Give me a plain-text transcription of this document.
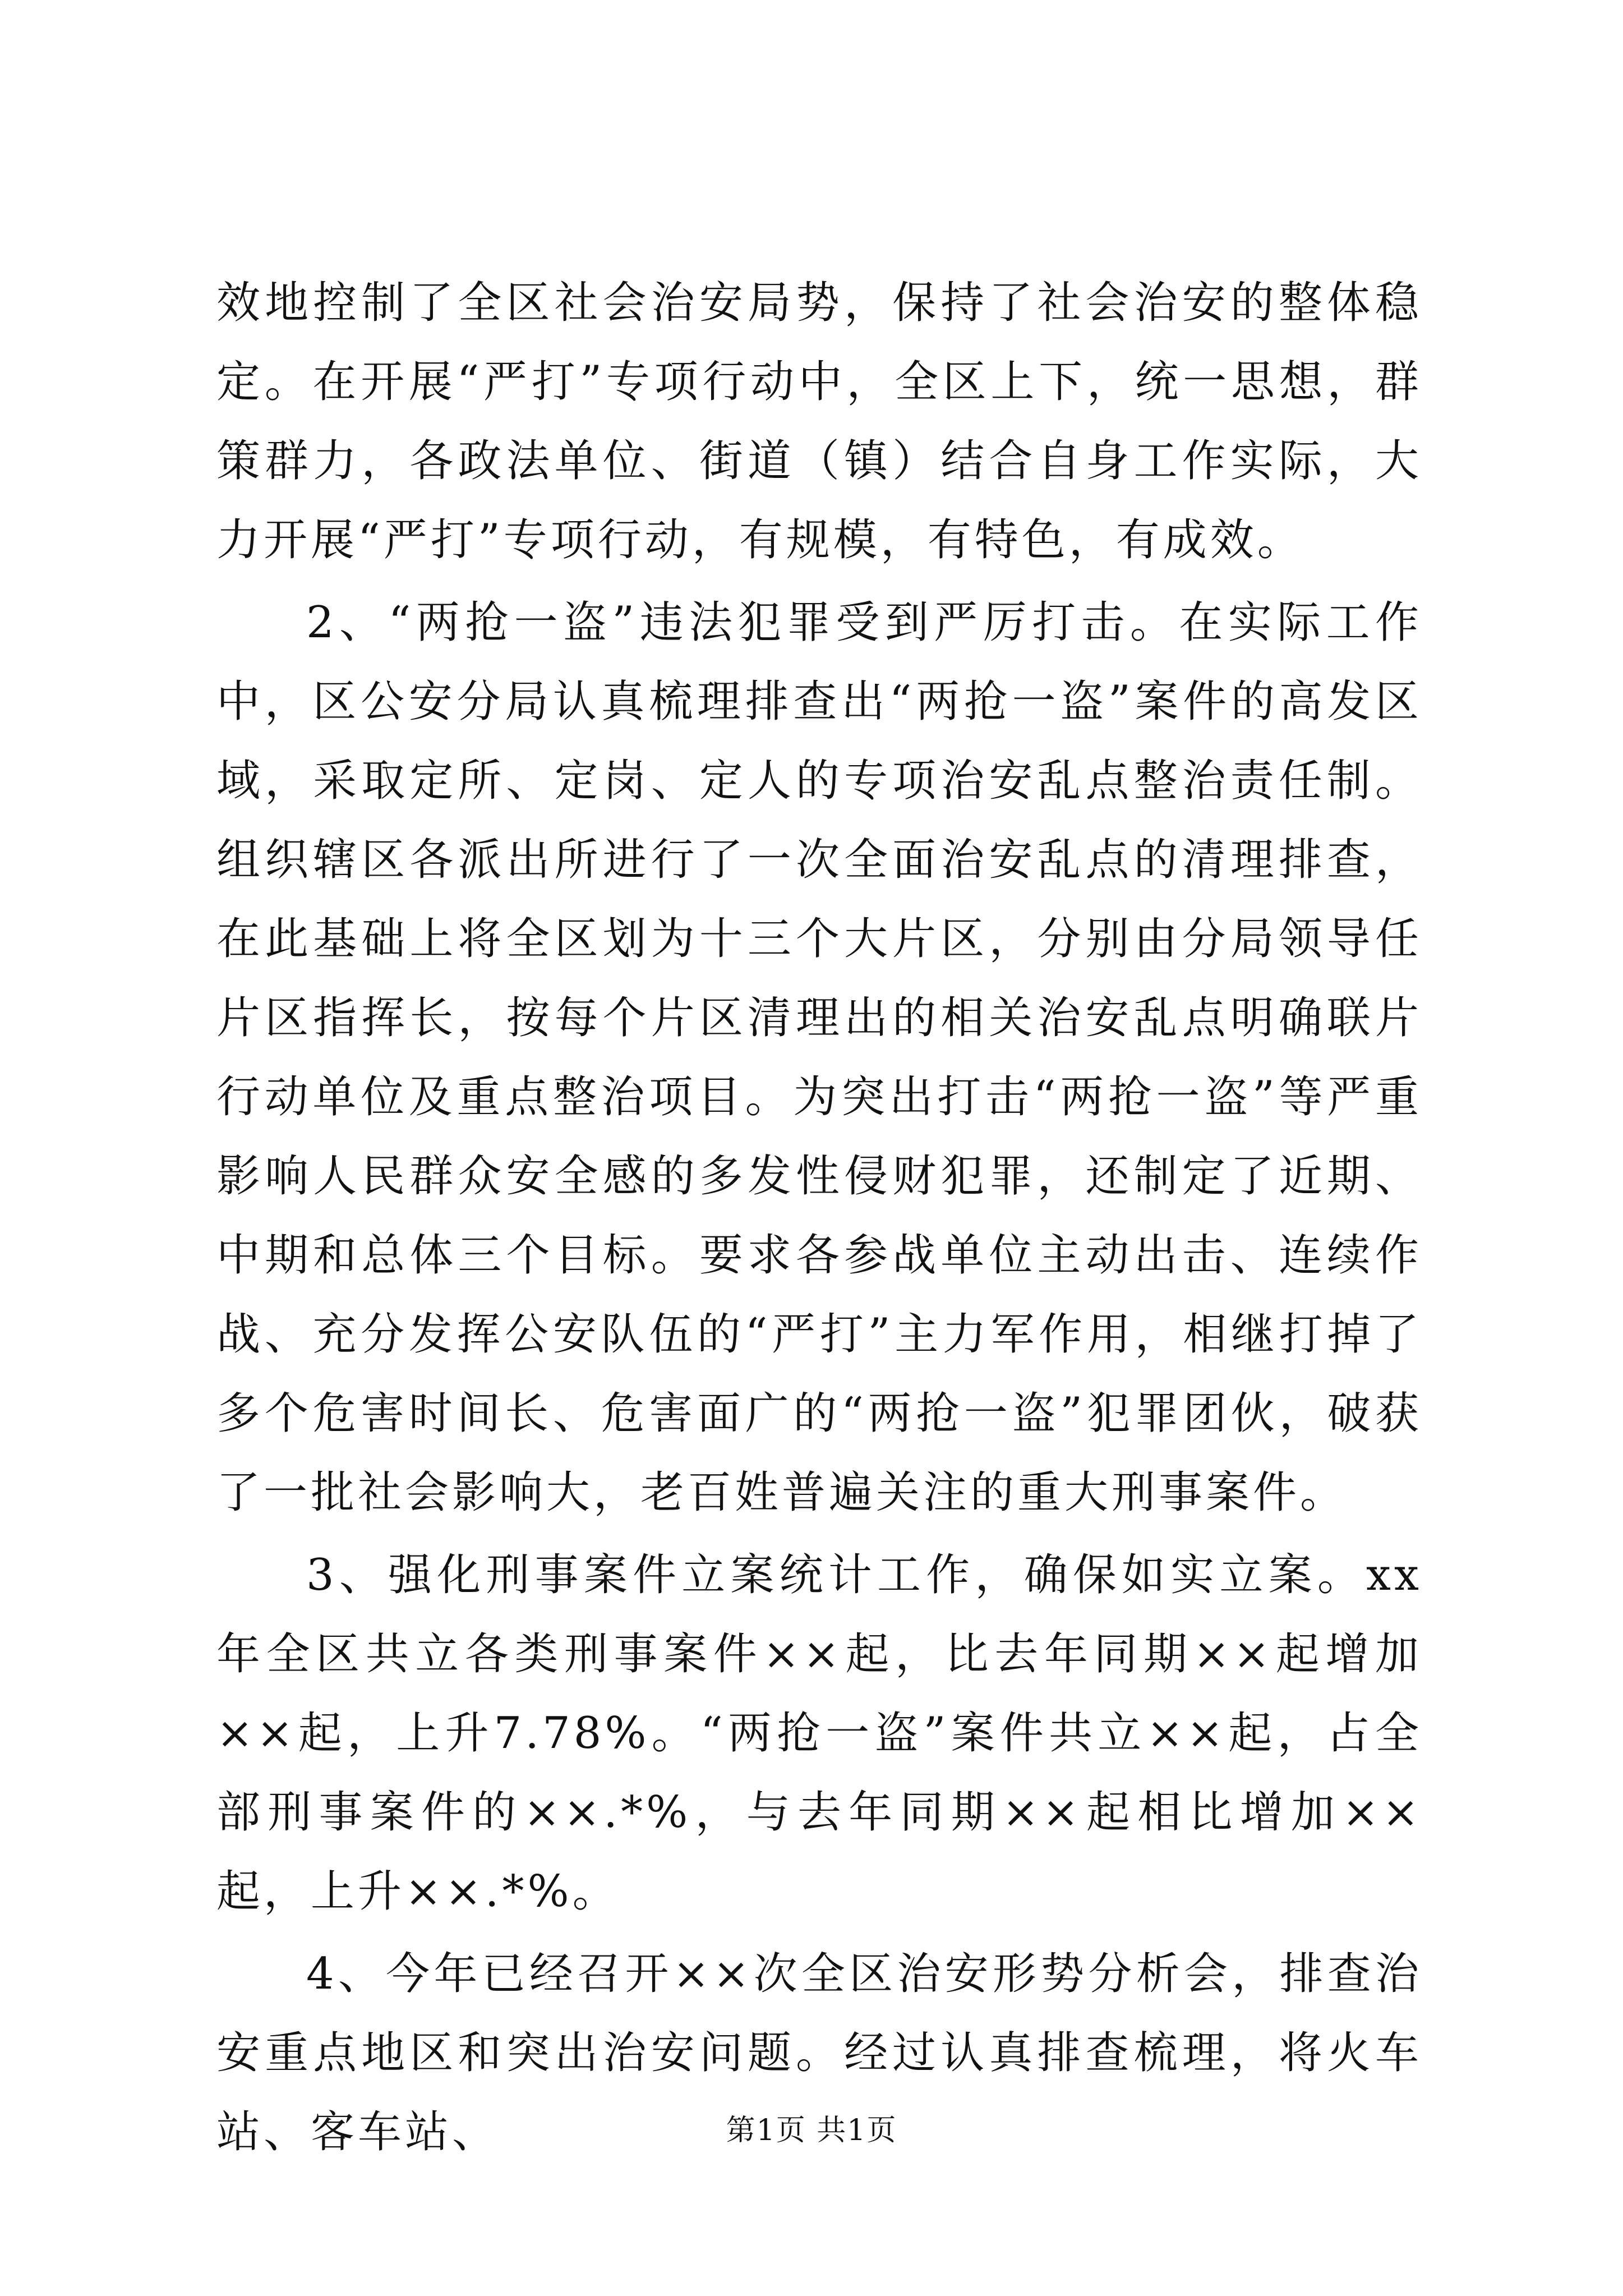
效地控制了全区社会治安局势，保持了社会治安的整体稳定。在开展“严打”专项行动中，全区上下，统一思想，群策群力，各政法单位、街道（镇）结合自身工作实际，大力开展“严打”专项行动，有规模，有特色，有成效。

2、“两抢一盗”违法犯罪受到严厉打击。在实际工作中，区公安分局认真梳理排查出“两抢一盗”案件的高发区域，采取定所、定岗、定人的专项治安乱点整治责任制。组织辖区各派出所进行了一次全面治安乱点的清理排查，在此基础上将全区划为十三个大片区，分别由分局领导任片区指挥长，按每个片区清理出的相关治安乱点明确联片行动单位及重点整治项目。为突出打击“两抢一盗”等严重影响人民群众安全感的多发性侵财犯罪，还制定了近期、中期和总体三个目标。要求各参战单位主动出击、连续作战、充分发挥公安队伍的“严打”主力军作用，相继打掉了多个危害时间长、危害面广的“两抢一盗”犯罪团伙，破获了一批社会影响大，老百姓普遍关注的重大刑事案件。

3、强化刑事案件立案统计工作，确保如实立案。xx年全区共立各类刑事案件××起，比去年同期××起增加××起，上升7.78%。“两抢一盗”案件共立××起，占全部刑事案件的××.*%，与去年同期××起相比增加××起，上升××.*%。

4、今年已经召开××次全区治安形势分析会，排查治安重点地区和突出治安问题。经过认真排查梳理，将火车站、客车站、	第1页 共1页
